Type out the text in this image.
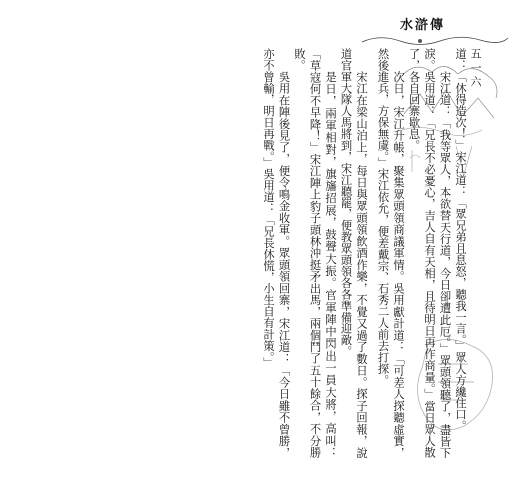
水滸傳
五一六

道：「休得造次！」宋江道：「眾兄弟且息怒，聽我一言。」眾人方纔住口。

宋江道：「我等眾人，本欲替天行道，今日卻遭此厄。」眾頭領聽了，盡皆下淚。吳用道：「兄長不必憂心，吉人自有天相，且待明日再作商量。」當日眾人散了，各自回寨歇息。

次日，宋江升帳，聚集眾頭領商議軍情。吳用獻計道：「可差人探聽虛實，然後進兵，方保無虞。」宋江依允，便差戴宗、石秀二人前去打探。

宋江在梁山泊上，每日與眾頭領飲酒作樂，不覺又過了數日。探子回報，說道官軍大隊人馬將到，宋江聽罷，便教眾頭領各各準備迎敵。

是日，兩軍相對，旗旛招展，鼓聲大振。官軍陣中閃出一員大將，高叫：「草寇何不早降！」宋江陣上豹子頭林沖挺矛出馬，兩個鬥了五十餘合，不分勝敗。

吳用在陣後見了，便令鳴金收軍。眾頭領回寨，宋江道：「今日雖不曾勝，亦不曾輸，明日再戰。」吳用道：「兄長休慌，小生自有計策。」
